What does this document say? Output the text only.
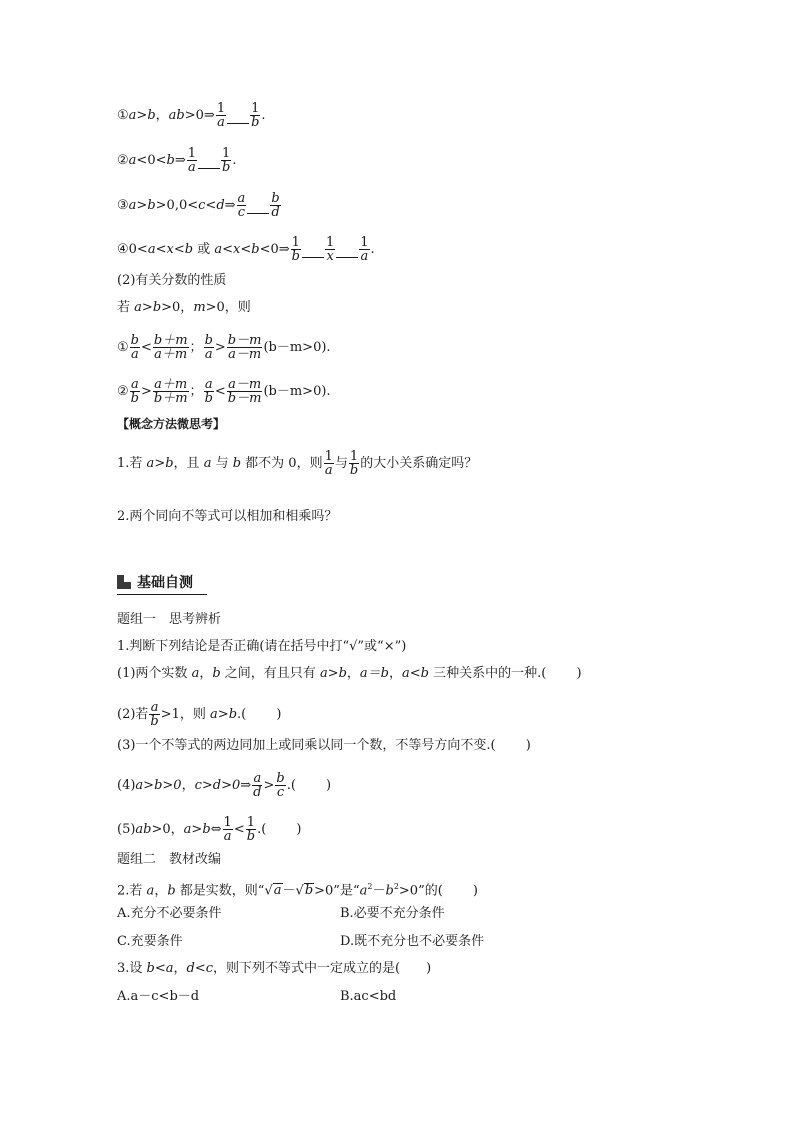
①a>b，ab>0⇒ $\frac{1}{a} \frac{1}{b}$ .
②a<0<b⇒ $\frac{1}{a} \frac{1}{b}$ .
③a>b>0,0<c<d⇒ $\frac{a}{c} \frac{b}{d}$
④0<a<x<b 或 a<x<b<0⇒ $\frac{1}{b} \frac{1}{x} \frac{1}{a}$ .
(2)有关分数的性质
若 a>b>0，m>0，则
① $\frac{b}{a} < \frac{b+m}{a+m}$ ； $\frac{b}{a} > \frac{b-m}{a-m} (b-m>0)$.
② $\frac{a}{b} > \frac{a+m}{b+m}$ ； $\frac{a}{b} < \frac{a-m}{b-m} (b-m>0)$.
【概念方法微思考】
1.若 a>b，且 a 与 b 都不为 0，则 $\frac{1}{a}$ 与 $\frac{1}{b}$ 的大小关系确定吗？
2.两个同向不等式可以相加和相乘吗？
基础自测
题组一　思考辨析
1.判断下列结论是否正确(请在括号中打“√”或“×”)
(1)两个实数 a，b 之间，有且只有 a>b，a＝b，a<b 三种关系中的一种.(　　 )
(2)若 $\frac{a}{b} >1$，则 a>b.(　　 )
(3)一个不等式的两边同加上或同乘以同一个数，不等号方向不变.(　　 )
(4)a>b>0，c>d>0⇒ $\frac{a}{d} > \frac{b}{c}$ .(　　 )
(5)ab>0，a>b⇔ $\frac{1}{a} < \frac{1}{b}$ .(　　 )
题组二　教材改编
2.若 a，b 都是实数，则“√a－√b>0”是“$a^2-b^2>0$”的(　　 )
A.充分不必要条件	B.必要不充分条件
C.充要条件	D.既不充分也不必要条件
3.设 b<a，d<c，则下列不等式中一定成立的是(　　)
A.a－c<b－d	B.ac<bd
